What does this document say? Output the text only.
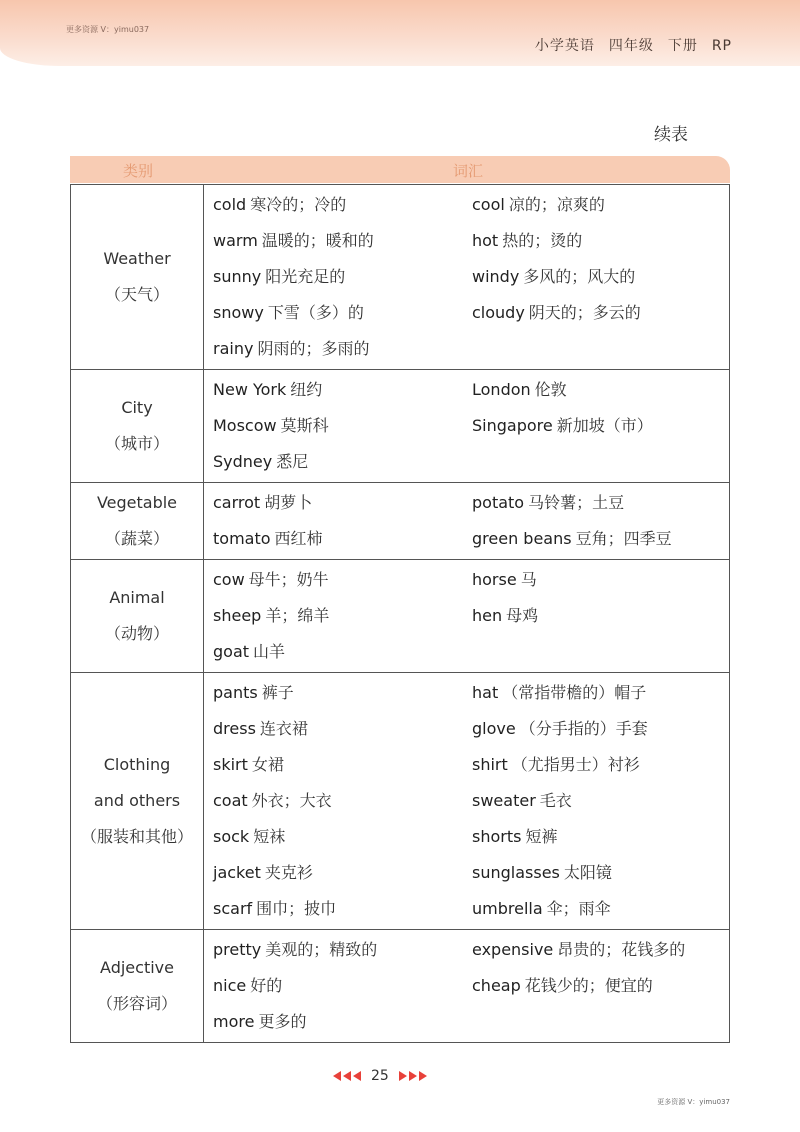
更多资源 V：yimu037
小学英语 四年级 下册 RP
续表
类别	词汇
Weather
（天气）
cold 寒冷的；冷的	cool 凉的；凉爽的
warm 温暖的；暖和的	hot 热的；烫的
sunny 阳光充足的	windy 多风的；风大的
snowy 下雪（多）的	cloudy 阴天的；多云的
rainy 阴雨的；多雨的
City
（城市）
New York 纽约	London 伦敦
Moscow 莫斯科	Singapore 新加坡（市）
Sydney 悉尼
Vegetable
（蔬菜）
carrot 胡萝卜	potato 马铃薯；土豆
tomato 西红柿	green beans 豆角；四季豆
Animal
（动物）
cow 母牛；奶牛	horse 马
sheep 羊；绵羊	hen 母鸡
goat 山羊
Clothing and others
（服装和其他）
pants 裤子	hat （常指带檐的）帽子
dress 连衣裙	glove （分手指的）手套
skirt 女裙	shirt （尤指男士）衬衫
coat 外衣；大衣	sweater 毛衣
sock 短袜	shorts 短裤
jacket 夹克衫	sunglasses 太阳镜
scarf 围巾；披巾	umbrella 伞；雨伞
Adjective
（形容词）
pretty 美观的；精致的	expensive 昂贵的；花钱多的
nice 好的	cheap 花钱少的；便宜的
more 更多的
25
更多资源 V：yimu037
